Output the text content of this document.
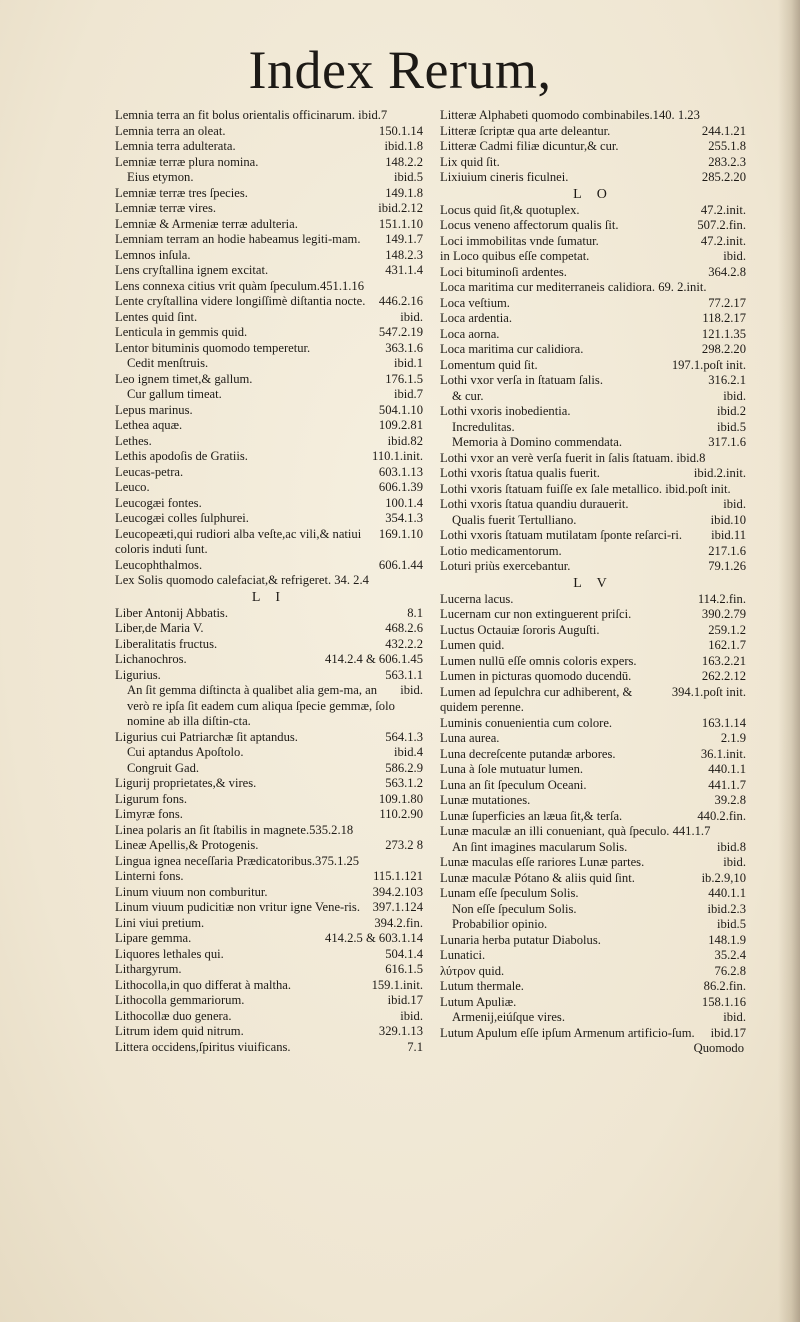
Index Rerum,
Lemnia terra an fit bolus orientalis officinarum. ibid.7
150.1.14
Lemnia terra an oleat.
ibid.1.8
Lemnia terra adulterata.
148.2.2
Lemniæ terræ plura nomina.
ibid.5
Eius etymon.
149.1.8
Lemniæ terræ tres ſpecies.
ibid.2.12
Lemniæ terræ vires.
151.1.10
Lemniæ & Armeniæ terræ adulteria.
149.1.7
Lemniam terram an hodie habeamus legiti-mam.
148.2.3
Lemnos inſula.
431.1.4
Lens cryſtallina ignem excitat.
Lens connexa citius vrit quàm ſpeculum.451.1.16
446.2.16
Lente cryſtallina videre longiſſimè diſtantia nocte.
ibid.
Lentes quid ſint.
547.2.19
Lenticula in gemmis quid.
363.1.6
Lentor bituminis quomodo temperetur.
ibid.1
Cedit menſtruis.
176.1.5
Leo ignem timet,& gallum.
ibid.7
Cur gallum timeat.
504.1.10
Lepus marinus.
109.2.81
Lethea aquæ.
ibid.82
Lethes.
110.1.init.
Lethis apodoſis de Gratiis.
603.1.13
Leucas-petra.
606.1.39
Leuco.
100.1.4
Leucogæi fontes.
354.1.3
Leucogæi colles ſulphurei.
169.1.10
Leucopeæti,qui rudiori alba veſte,ac vili,& natiui coloris induti ſunt.
606.1.44
Leucophthalmos.
Lex Solis quomodo calefaciat,& refrigeret. 34. 2.4
L I
8.1
Liber Antonij Abbatis.
468.2.6
Liber,de Maria V.
432.2.2
Liberalitatis fructus.
414.2.4 & 606.1.45
Lichanochros.
563.1.1
Ligurius.
ibid.
An ſit gemma diſtincta à qualibet alia gem-ma, an verò re ipſa ſit eadem cum aliqua ſpecie gemmæ, ſolo nomine ab illa diſtin-cta.
564.1.3
Ligurius cui Patriarchæ ſit aptandus.
ibid.4
Cui aptandus Apoſtolo.
586.2.9
Congruit Gad.
563.1.2
Ligurij proprietates,& vires.
109.1.80
Ligurum fons.
110.2.90
Limyræ fons.
Linea polaris an ſit ſtabilis in magnete.535.2.18
273.2 8
Lineæ Apellis,& Protogenis.
Lingua ignea neceſſaria Prædicatoribus.375.1.25
115.1.121
Linterni fons.
394.2.103
Linum viuum non comburitur.
397.1.124
Linum viuum pudicitiæ non vritur igne Vene-ris.
394.2.fin.
Lini viui pretium.
414.2.5 & 603.1.14
Lipare gemma.
504.1.4
Liquores lethales qui.
616.1.5
Lithargyrum.
159.1.init.
Lithocolla,in quo differat à maltha.
ibid.17
Lithocolla gemmariorum.
ibid.
Lithocollæ duo genera.
329.1.13
Litrum idem quid nitrum.
7.1
Littera occidens,ſpiritus viuificans.
Litteræ Alphabeti quomodo combinabiles.140. 1.23
244.1.21
Litteræ ſcriptæ qua arte deleantur.
255.1.8
Litteræ Cadmi filiæ dicuntur,& cur.
283.2.3
Lix quid ſit.
285.2.20
Lixiuium cineris ficulnei.
L O
47.2.init.
Locus quid ſit,& quotuplex.
507.2.fin.
Locus veneno affectorum qualis ſit.
47.2.init.
Loci immobilitas vnde ſumatur.
ibid.
in Loco quibus eſſe competat.
364.2.8
Loci bituminoſi ardentes.
Loca maritima cur mediterraneis calidiora. 69. 2.init.
77.2.17
Loca veſtium.
118.2.17
Loca ardentia.
121.1.35
Loca aorna.
298.2.20
Loca maritima cur calidiora.
197.1.poſt init.
Lomentum quid ſit.
316.2.1
Lothi vxor verſa in ſtatuam ſalis.
ibid.
& cur.
ibid.2
Lothi vxoris inobedientia.
ibid.5
Incredulitas.
317.1.6
Memoria à Domino commendata.
Lothi vxor an verè verſa fuerit in ſalis ſtatuam. ibid.8
ibid.2.init.
Lothi vxoris ſtatua qualis fuerit.
Lothi vxoris ſtatuam fuiſſe ex ſale metallico. ibid.poſt init.
ibid.
Lothi vxoris ſtatua quandiu durauerit.
ibid.10
Qualis fuerit Tertulliano.
ibid.11
Lothi vxoris ſtatuam mutilatam ſponte reſarci-ri.
217.1.6
Lotio medicamentorum.
79.1.26
Loturi priùs exercebantur.
L V
114.2.fin.
Lucerna lacus.
390.2.79
Lucernam cur non extinguerent priſci.
259.1.2
Luctus Octauiæ ſororis Auguſti.
162.1.7
Lumen quid.
163.2.21
Lumen nullū eſſe omnis coloris expers.
262.2.12
Lumen in picturas quomodo ducendū.
394.1.poſt init.
Lumen ad ſepulchra cur adhiberent, & quidem perenne.
163.1.14
Luminis conuenientia cum colore.
2.1.9
Luna aurea.
36.1.init.
Luna decreſcente putandæ arbores.
440.1.1
Luna à ſole mutuatur lumen.
441.1.7
Luna an ſit ſpeculum Oceani.
39.2.8
Lunæ mutationes.
440.2.fin.
Lunæ ſuperficies an læua ſit,& terſa.
Lunæ maculæ an illi conueniant, quà ſpeculo. 441.1.7
ibid.8
An ſint imagines macularum Solis.
ibid.
Lunæ maculas eſſe rariores Lunæ partes.
ib.2.9,10
Lunæ maculæ Pótano & aliis quid ſint.
440.1.1
Lunam eſſe ſpeculum Solis.
ibid.2.3
Non eſſe ſpeculum Solis.
ibid.5
Probabilior opinio.
148.1.9
Lunaria herba putatur Diabolus.
35.2.4
Lunatici.
76.2.8
λύτρον quid.
86.2.fin.
Lutum thermale.
158.1.16
Lutum Apuliæ.
ibid.
Armenij,eiúſque vires.
ibid.17
Lutum Apulum eſſe ipſum Armenum artificio-ſum.
Quomodo
